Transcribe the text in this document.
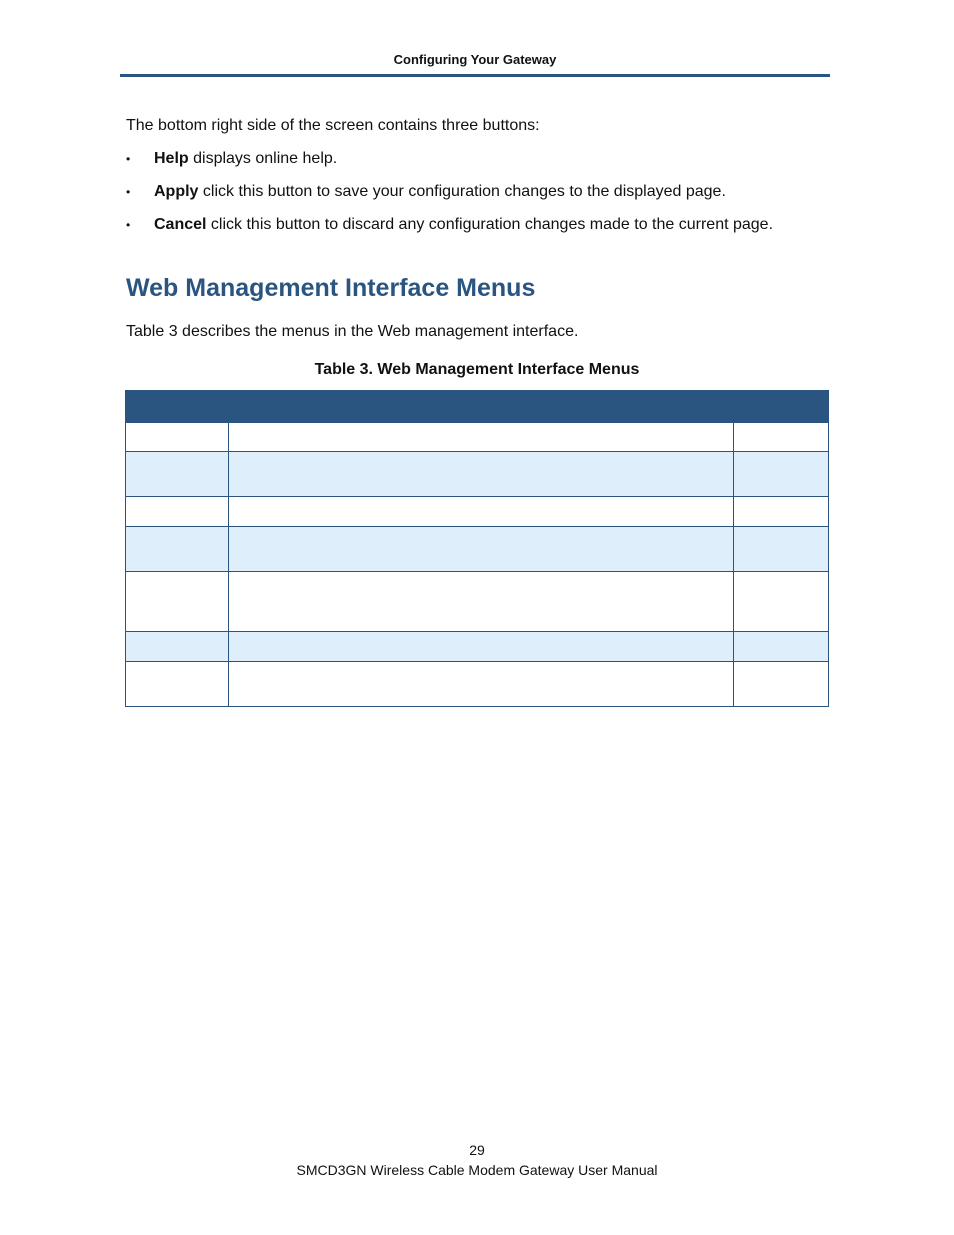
Configuring Your Gateway

The bottom right side of the screen contains three buttons:

• Help displays online help.
• Apply click this button to save your configuration changes to the displayed page.
• Cancel click this button to discard any configuration changes made to the current page.
Web Management Interface Menus

Table 3 describes the menus in the Web management interface.

Table 3. Web Management Interface Menus

29
SMCD3GN Wireless Cable Modem Gateway User Manual
